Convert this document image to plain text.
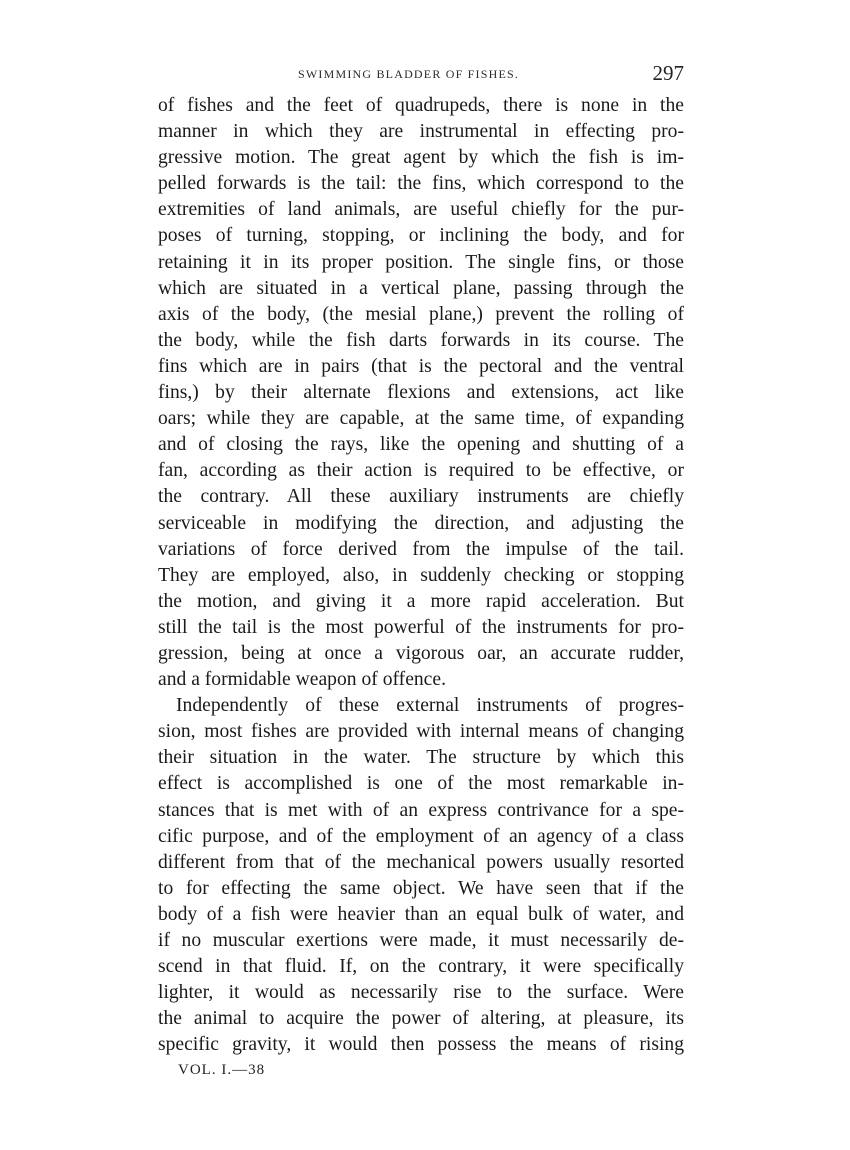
SWIMMING BLADDER OF FISHES.	297
of fishes and the feet of quadrupeds, there is none in the
manner in which they are instrumental in effecting pro-
gressive motion. The great agent by which the fish is im-
pelled forwards is the tail: the fins, which correspond to the
extremities of land animals, are useful chiefly for the pur-
poses of turning, stopping, or inclining the body, and for
retaining it in its proper position. The single fins, or those
which are situated in a vertical plane, passing through the
axis of the body, (the mesial plane,) prevent the rolling of
the body, while the fish darts forwards in its course. The
fins which are in pairs (that is the pectoral and the ventral
fins,) by their alternate flexions and extensions, act like
oars; while they are capable, at the same time, of expanding
and of closing the rays, like the opening and shutting of a
fan, according as their action is required to be effective, or
the contrary. All these auxiliary instruments are chiefly
serviceable in modifying the direction, and adjusting the
variations of force derived from the impulse of the tail.
They are employed, also, in suddenly checking or stopping
the motion, and giving it a more rapid acceleration. But
still the tail is the most powerful of the instruments for pro-
gression, being at once a vigorous oar, an accurate rudder,
and a formidable weapon of offence.
Independently of these external instruments of progres-
sion, most fishes are provided with internal means of changing
their situation in the water. The structure by which this
effect is accomplished is one of the most remarkable in-
stances that is met with of an express contrivance for a spe-
cific purpose, and of the employment of an agency of a class
different from that of the mechanical powers usually resorted
to for effecting the same object. We have seen that if the
body of a fish were heavier than an equal bulk of water, and
if no muscular exertions were made, it must necessarily de-
scend in that fluid. If, on the contrary, it were specifically
lighter, it would as necessarily rise to the surface. Were
the animal to acquire the power of altering, at pleasure, its
specific gravity, it would then possess the means of rising
VOL. I.—38
